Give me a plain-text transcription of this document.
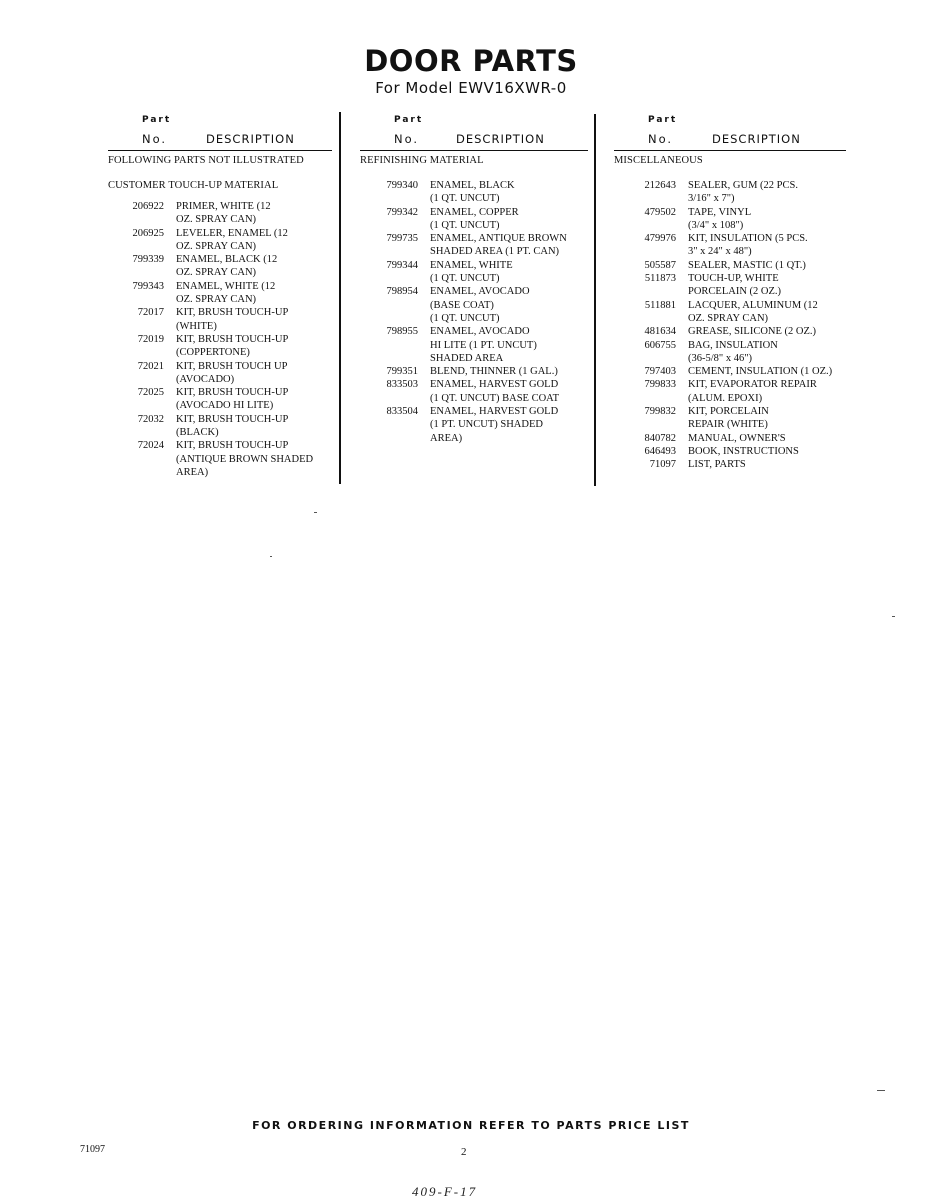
DOOR PARTS
For Model EWV16XWR-0
Part
No.	DESCRIPTION
FOLLOWING PARTS NOT ILLUSTRATED
CUSTOMER TOUCH-UP MATERIAL
206922 PRIMER, WHITE (12
OZ. SPRAY CAN)
206925 LEVELER, ENAMEL (12
OZ. SPRAY CAN)
799339 ENAMEL, BLACK (12
OZ. SPRAY CAN)
799343 ENAMEL, WHITE (12
OZ. SPRAY CAN)
72017 KIT, BRUSH TOUCH-UP
(WHITE)
72019 KIT, BRUSH TOUCH-UP
(COPPERTONE)
72021 KIT, BRUSH TOUCH UP
(AVOCADO)
72025 KIT, BRUSH TOUCH-UP
(AVOCADO HI LITE)
72032 KIT, BRUSH TOUCH-UP
(BLACK)
72024 KIT, BRUSH TOUCH-UP
(ANTIQUE BROWN SHADED
AREA)
Part
No.	DESCRIPTION
REFINISHING MATERIAL
799340 ENAMEL, BLACK
(1 QT. UNCUT)
799342 ENAMEL, COPPER
(1 QT. UNCUT)
799735 ENAMEL, ANTIQUE BROWN
SHADED AREA (1 PT. CAN)
799344 ENAMEL, WHITE
(1 QT. UNCUT)
798954 ENAMEL, AVOCADO
(BASE COAT)
(1 QT. UNCUT)
798955 ENAMEL, AVOCADO
HI LITE (1 PT. UNCUT)
SHADED AREA
799351 BLEND, THINNER (1 GAL.)
833503 ENAMEL, HARVEST GOLD
(1 QT. UNCUT) BASE COAT
833504 ENAMEL, HARVEST GOLD
(1 PT. UNCUT) SHADED
AREA)
Part
No.	DESCRIPTION
MISCELLANEOUS
212643 SEALER, GUM (22 PCS.
3/16" x 7")
479502 TAPE, VINYL
(3/4" x 108")
479976 KIT, INSULATION (5 PCS.
3" x 24" x 48")
505587 SEALER, MASTIC (1 QT.)
511873 TOUCH-UP, WHITE
PORCELAIN (2 OZ.)
511881 LACQUER, ALUMINUM (12
OZ. SPRAY CAN)
481634 GREASE, SILICONE (2 OZ.)
606755 BAG, INSULATION
(36-5/8" x 46")
797403 CEMENT, INSULATION (1 OZ.)
799833 KIT, EVAPORATOR REPAIR
(ALUM. EPOXI)
799832 KIT, PORCELAIN
REPAIR (WHITE)
840782 MANUAL, OWNER'S
646493 BOOK, INSTRUCTIONS
71097 LIST, PARTS
FOR ORDERING INFORMATION REFER TO PARTS PRICE LIST
71097	2
409-F-17
